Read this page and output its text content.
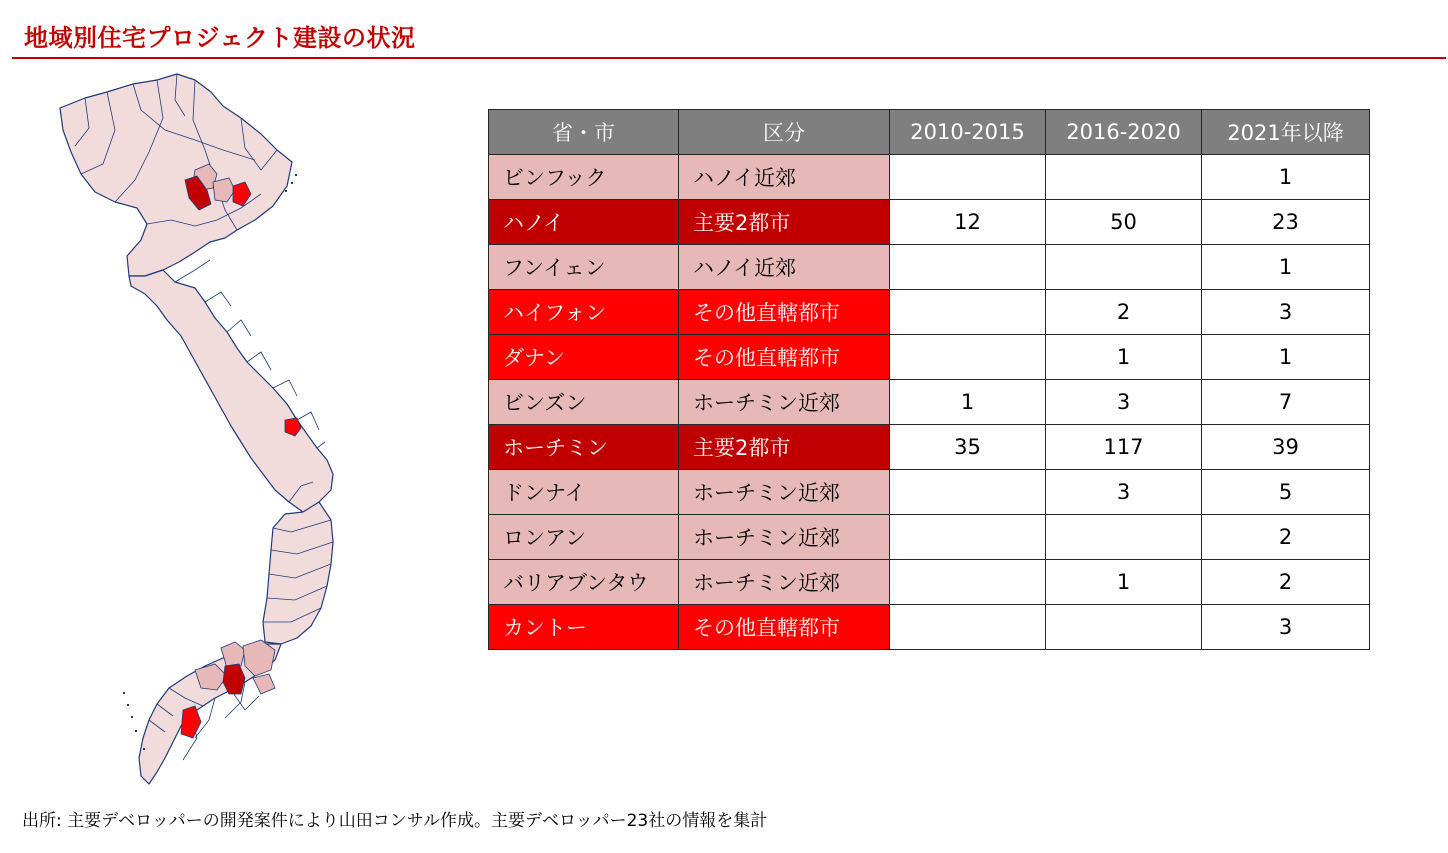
地域別住宅プロジェクト建設の状況
省・市	区分	2010-2015	2016-2020	2021年以降
ビンフック	ハノイ近郊			1
ハノイ	主要2都市	12	50	23
フンイェン	ハノイ近郊			1
ハイフォン	その他直轄都市		2	3
ダナン	その他直轄都市		1	1
ビンズン	ホーチミン近郊	1	3	7
ホーチミン	主要2都市	35	117	39
ドンナイ	ホーチミン近郊		3	5
ロンアン	ホーチミン近郊			2
バリアブンタウ	ホーチミン近郊		1	2
カントー	その他直轄都市			3
出所: 主要デベロッパーの開発案件により山田コンサル作成。主要デベロッパー23社の情報を集計
